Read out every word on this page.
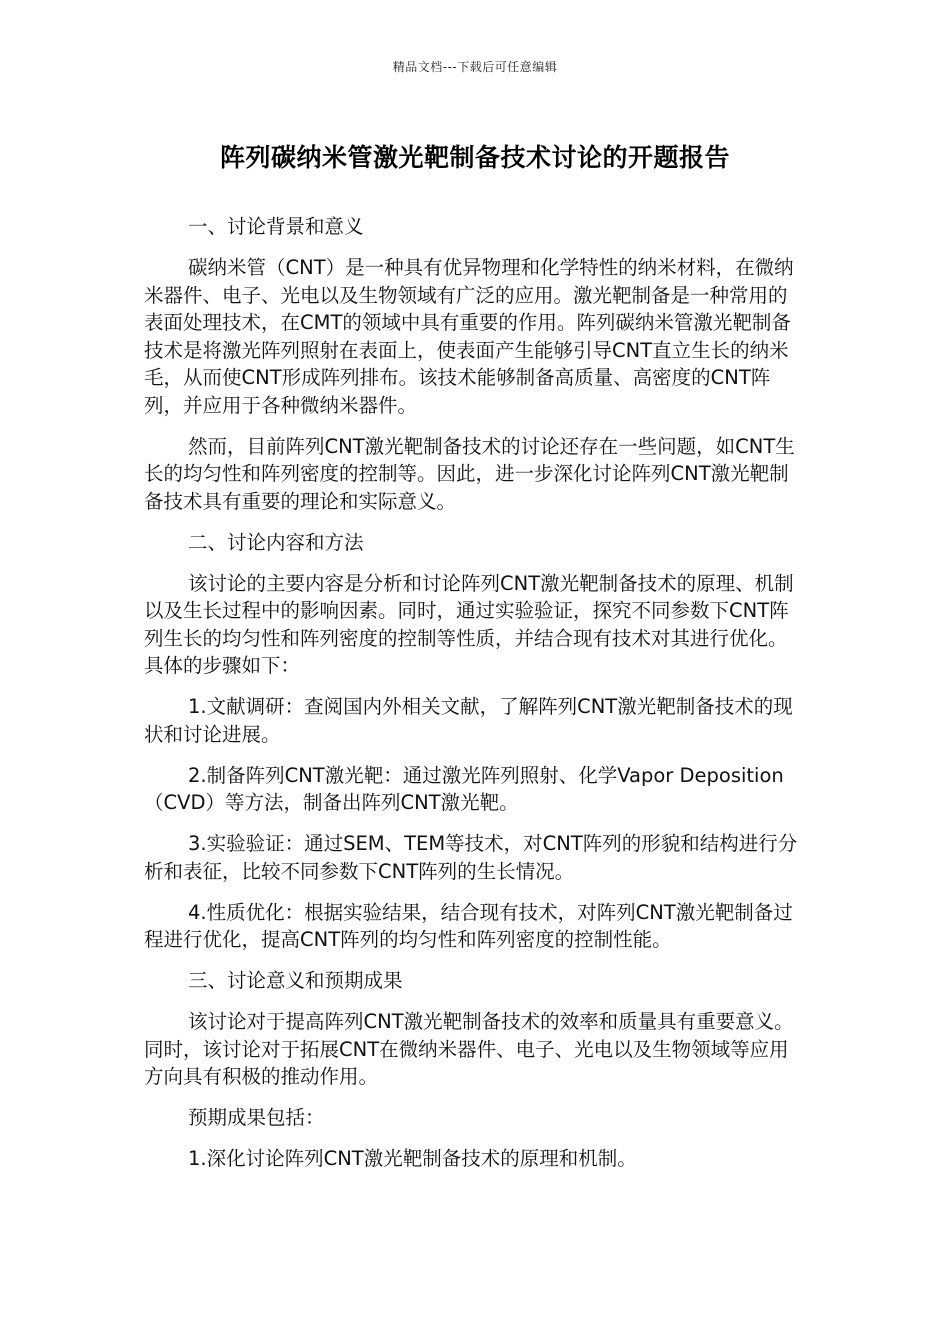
精品文档---下载后可任意编辑
阵列碳纳米管激光靶制备技术讨论的开题报告

一、讨论背景和意义

碳纳米管（CNT）是一种具有优异物理和化学特性的纳米材料，在微纳米器件、电子、光电以及生物领域有广泛的应用。激光靶制备是一种常用的表面处理技术，在CMT的领域中具有重要的作用。阵列碳纳米管激光靶制备技术是将激光阵列照射在表面上，使表面产生能够引导CNT直立生长的纳米毛，从而使CNT形成阵列排布。该技术能够制备高质量、高密度的CNT阵列，并应用于各种微纳米器件。

然而，目前阵列CNT激光靶制备技术的讨论还存在一些问题，如CNT生长的均匀性和阵列密度的控制等。因此，进一步深化讨论阵列CNT激光靶制备技术具有重要的理论和实际意义。

二、讨论内容和方法

该讨论的主要内容是分析和讨论阵列CNT激光靶制备技术的原理、机制以及生长过程中的影响因素。同时，通过实验验证，探究不同参数下CNT阵列生长的均匀性和阵列密度的控制等性质，并结合现有技术对其进行优化。具体的步骤如下：

1.文献调研：查阅国内外相关文献，了解阵列CNT激光靶制备技术的现状和讨论进展。

2.制备阵列CNT激光靶：通过激光阵列照射、化学Vapor Deposition（CVD）等方法，制备出阵列CNT激光靶。

3.实验验证：通过SEM、TEM等技术，对CNT阵列的形貌和结构进行分析和表征，比较不同参数下CNT阵列的生长情况。

4.性质优化：根据实验结果，结合现有技术，对阵列CNT激光靶制备过程进行优化，提高CNT阵列的均匀性和阵列密度的控制性能。

三、讨论意义和预期成果

该讨论对于提高阵列CNT激光靶制备技术的效率和质量具有重要意义。同时，该讨论对于拓展CNT在微纳米器件、电子、光电以及生物领域等应用方向具有积极的推动作用。

预期成果包括：

1.深化讨论阵列CNT激光靶制备技术的原理和机制。
